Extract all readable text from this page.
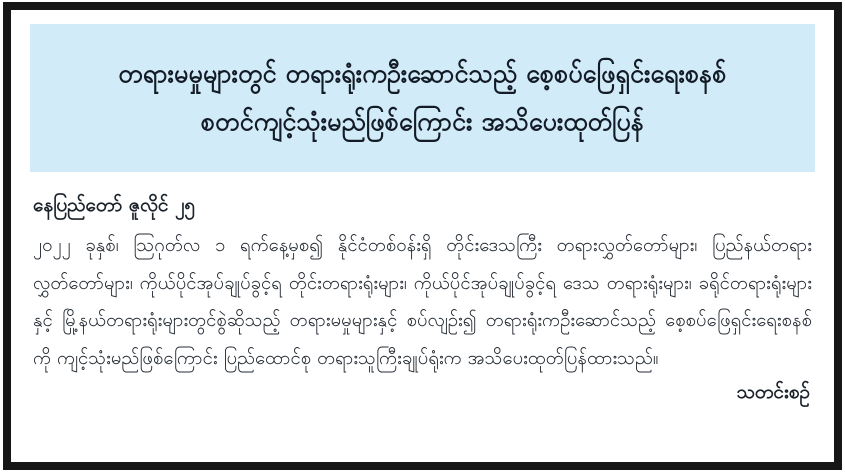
တရားမမှုများတွင် တရားရုံးကဦးဆောင်သည့် စေ့စပ်ဖြေရှင်းရေးစနစ်
စတင်ကျင့်သုံးမည်ဖြစ်ကြောင်း အသိပေးထုတ်ပြန်
နေပြည်တော် ဇူလိုင် ၂၅
၂၀၂၂ ခုနှစ်၊ သြဂုတ်လ ၁ ရက်နေ့မှစ၍ နိုင်ငံတစ်ဝန်းရှိ တိုင်းဒေသကြီး တရားလွှတ်တော်များ၊ ပြည်နယ်တရားလွှတ်တော်များ၊ ကိုယ်ပိုင်အုပ်ချုပ်ခွင့်ရ တိုင်းတရားရုံးများ၊ ကိုယ်ပိုင်အုပ်ချုပ်ခွင့်ရ ဒေသ တရားရုံးများ၊ ခရိုင်တရားရုံးများနှင့် မြို့နယ်တရားရုံးများတွင်စွဲဆိုသည့် တရားမမှုများနှင့် စပ်လျဉ်း၍ တရားရုံးကဦးဆောင်သည့် စေ့စပ်ဖြေရှင်းရေးစနစ်ကို ကျင့်သုံးမည်ဖြစ်ကြောင်း ပြည်ထောင်စု တရားသူကြီးချုပ်ရုံးက အသိပေးထုတ်ပြန်ထားသည်။
သတင်းစဉ်
